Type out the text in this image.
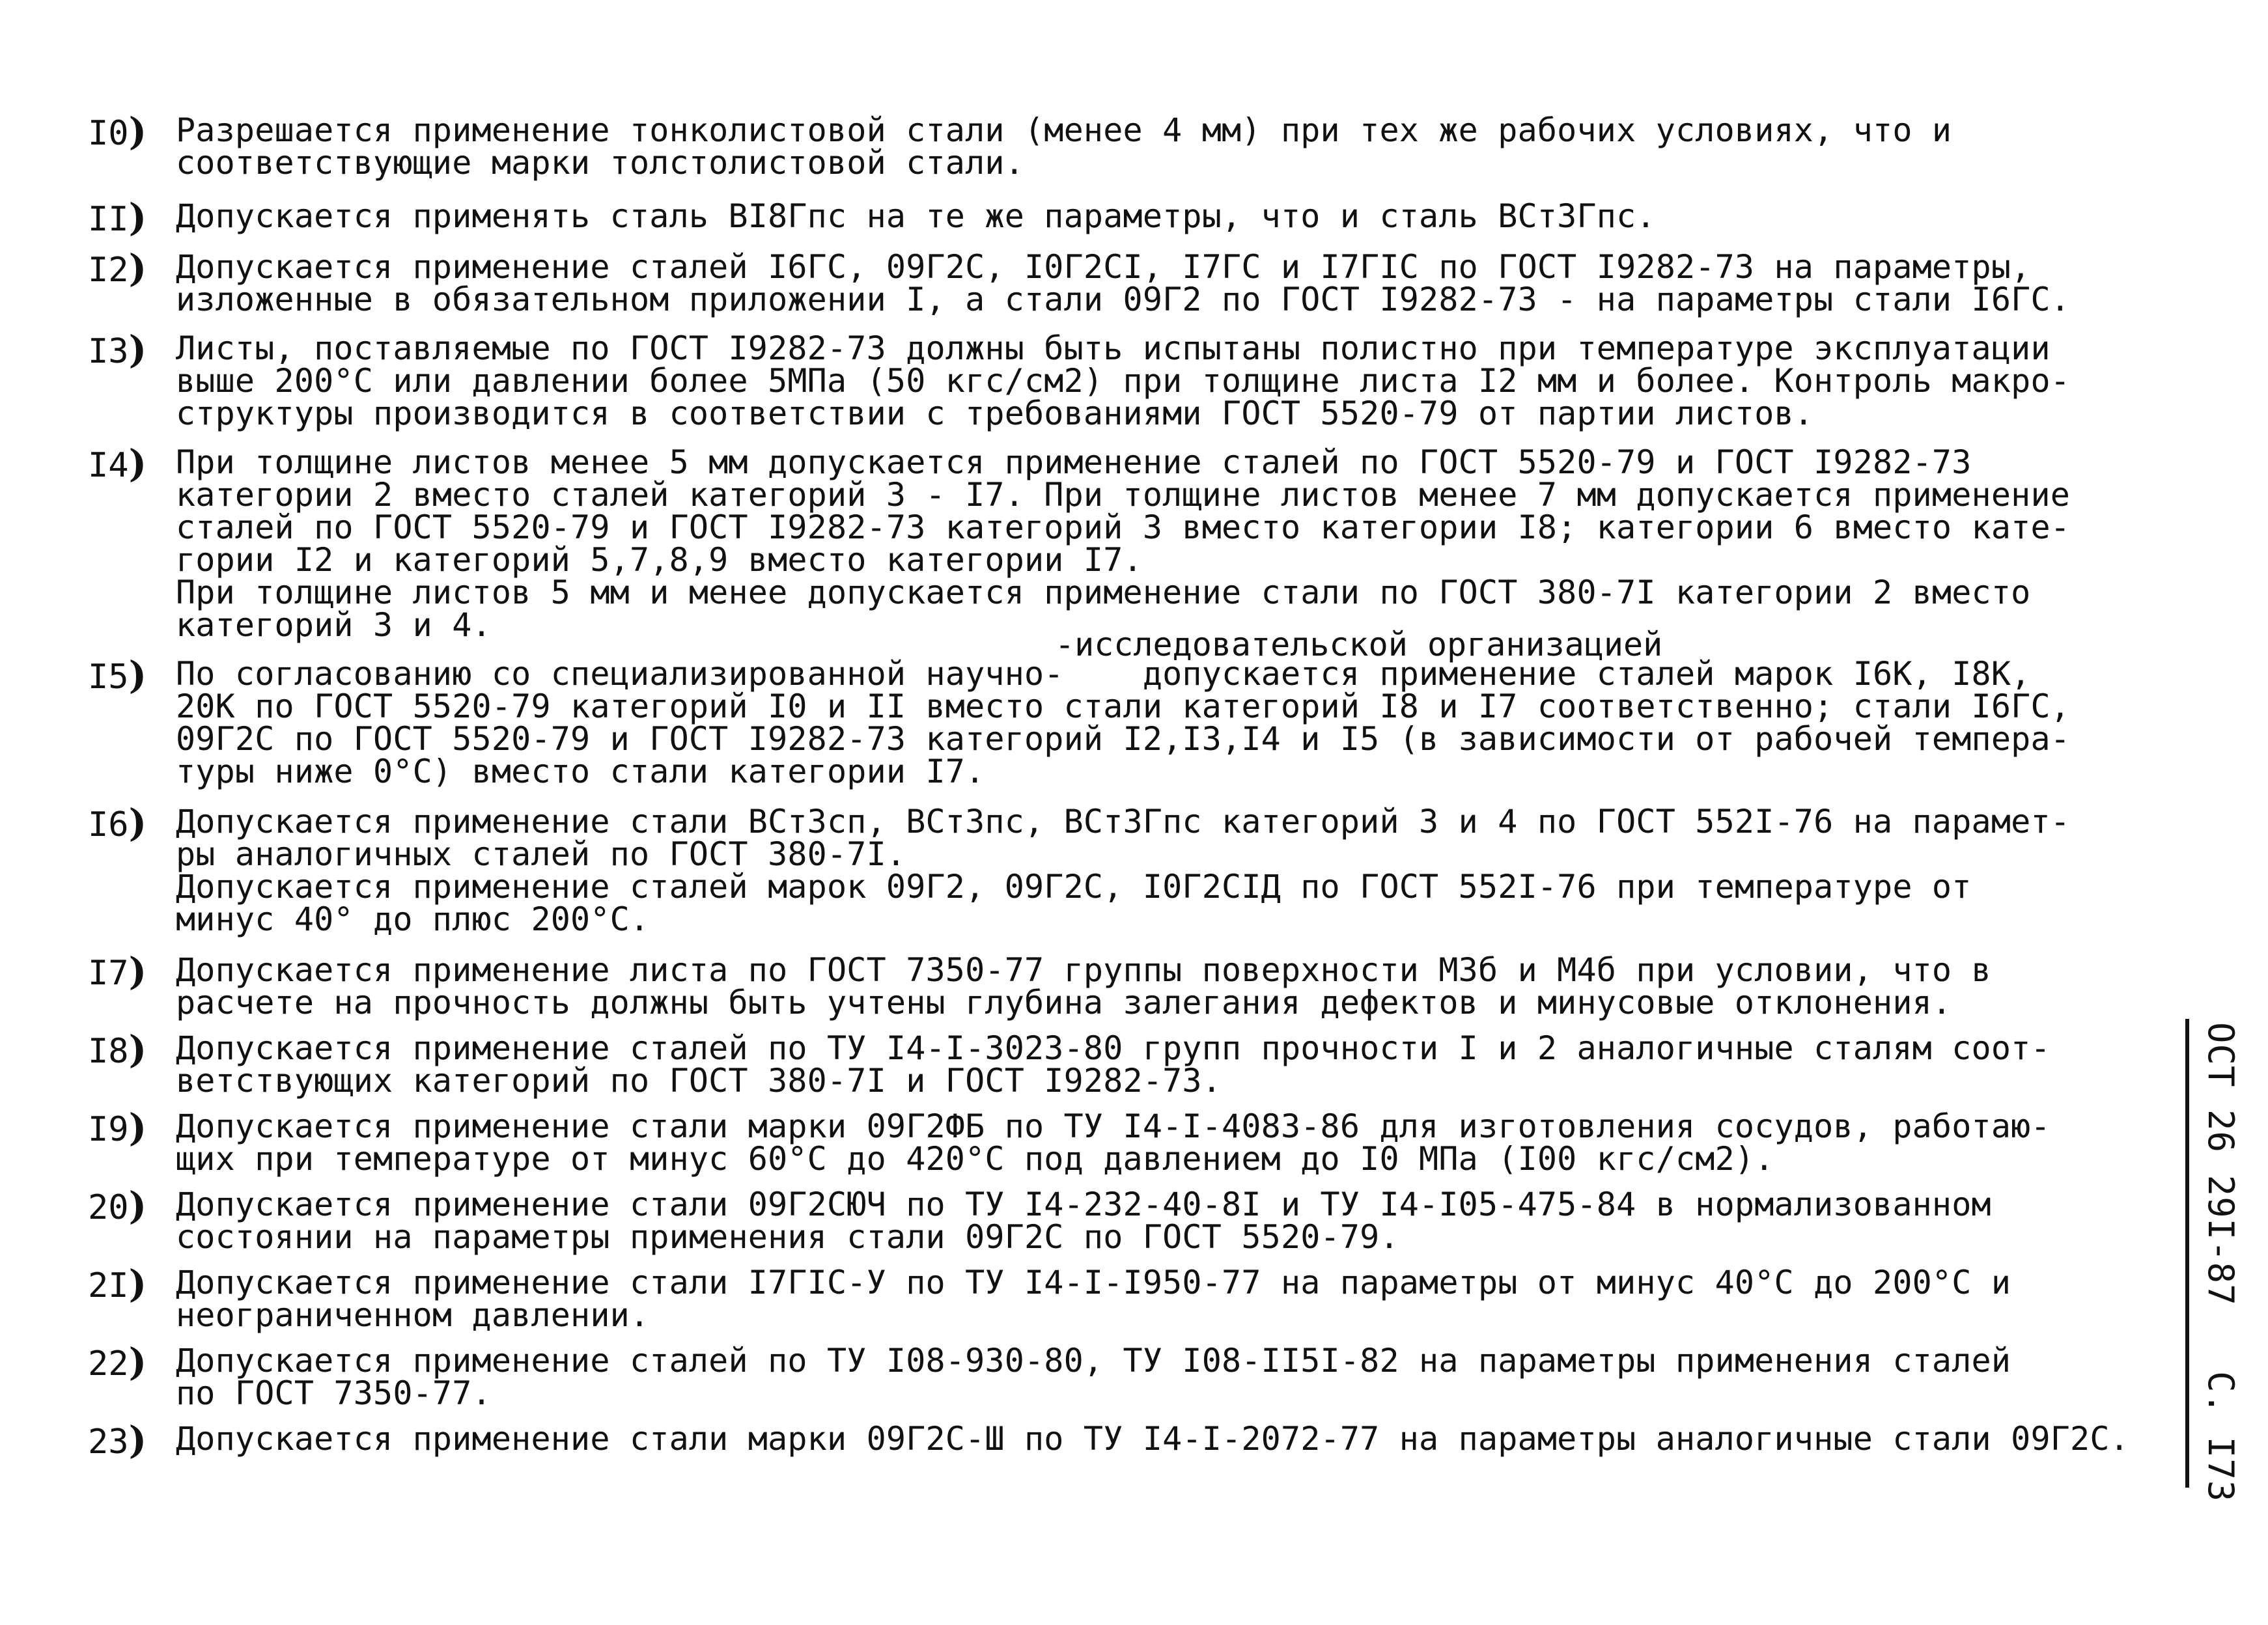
I0) Разрешается применение тонколистовой стали (менее 4 мм) при тех же рабочих условиях, что и
соответствующие марки толстолистовой стали.
II) Допускается применять сталь BI8Гпс на те же параметры, что и сталь ВСт3Гпс.
I2) Допускается применение сталей I6ГС, 09Г2С, I0Г2СI, I7ГС и I7ГIС по ГОСТ I9282-73 на параметры,
изложенные в обязательном приложении I, а стали 09Г2 по ГОСТ I9282-73 - на параметры стали I6ГС.
I3) Листы, поставляемые по ГОСТ I9282-73 должны быть испытаны полистно при температуре эксплуатации
выше 200°С или давлении более 5МПа (50 кгс/см2) при толщине листа I2 мм и более. Контроль макро-
структуры производится в соответствии с требованиями ГОСТ 5520-79 от партии листов.
I4) При толщине листов менее 5 мм допускается применение сталей по ГОСТ 5520-79 и ГОСТ I9282-73
категории 2 вместо сталей категорий 3 - I7. При толщине листов менее 7 мм допускается применение
сталей по ГОСТ 5520-79 и ГОСТ I9282-73 категорий 3 вместо категории I8; категории 6 вместо кате-
гории I2 и категорий 5,7,8,9 вместо категории I7.
При толщине листов 5 мм и менее допускается применение стали по ГОСТ 380-7I категории 2 вместо
категорий 3 и 4.
-исследовательской организацией
I5) По согласованию со специализированной научно-    допускается применение сталей марок I6К, I8К,
20К по ГОСТ 5520-79 категорий I0 и II вместо стали категорий I8 и I7 соответственно; стали I6ГС,
09Г2С по ГОСТ 5520-79 и ГОСТ I9282-73 категорий I2,I3,I4 и I5 (в зависимости от рабочей темпера-
туры ниже 0°С) вместо стали категории I7.
I6) Допускается применение стали ВСт3сп, ВСт3пс, ВСт3Гпс категорий 3 и 4 по ГОСТ 552I-76 на парамет-
ры аналогичных сталей по ГОСТ 380-7I.
Допускается применение сталей марок 09Г2, 09Г2С, I0Г2СIД по ГОСТ 552I-76 при температуре от
минус 40° до плюс 200°С.
I7) Допускается применение листа по ГОСТ 7350-77 группы поверхности М3б и М4б при условии, что в
расчете на прочность должны быть учтены глубина залегания дефектов и минусовые отклонения.
I8) Допускается применение сталей по ТУ I4-I-3023-80 групп прочности I и 2 аналогичные сталям соот-
ветствующих категорий по ГОСТ 380-7I и ГОСТ I9282-73.
I9) Допускается применение стали марки 09Г2ФБ по ТУ I4-I-4083-86 для изготовления сосудов, работаю-
щих при температуре от минус 60°С до 420°С под давлением до I0 МПа (I00 кгс/см2).
20) Допускается применение стали 09Г2СЮЧ по ТУ I4-232-40-8I и ТУ I4-I05-475-84 в нормализованном
состоянии на параметры применения стали 09Г2С по ГОСТ 5520-79.
2I) Допускается применение стали I7ГIС-У по ТУ I4-I-I950-77 на параметры от минус 40°С до 200°С и
неограниченном давлении.
22) Допускается применение сталей по ТУ I08-930-80, ТУ I08-II5I-82 на параметры применения сталей
по ГОСТ 7350-77.
23) Допускается применение стали марки 09Г2С-Ш по ТУ I4-I-2072-77 на параметры аналогичные стали 09Г2С.	ОСТ 26 29I-87   С. I73
